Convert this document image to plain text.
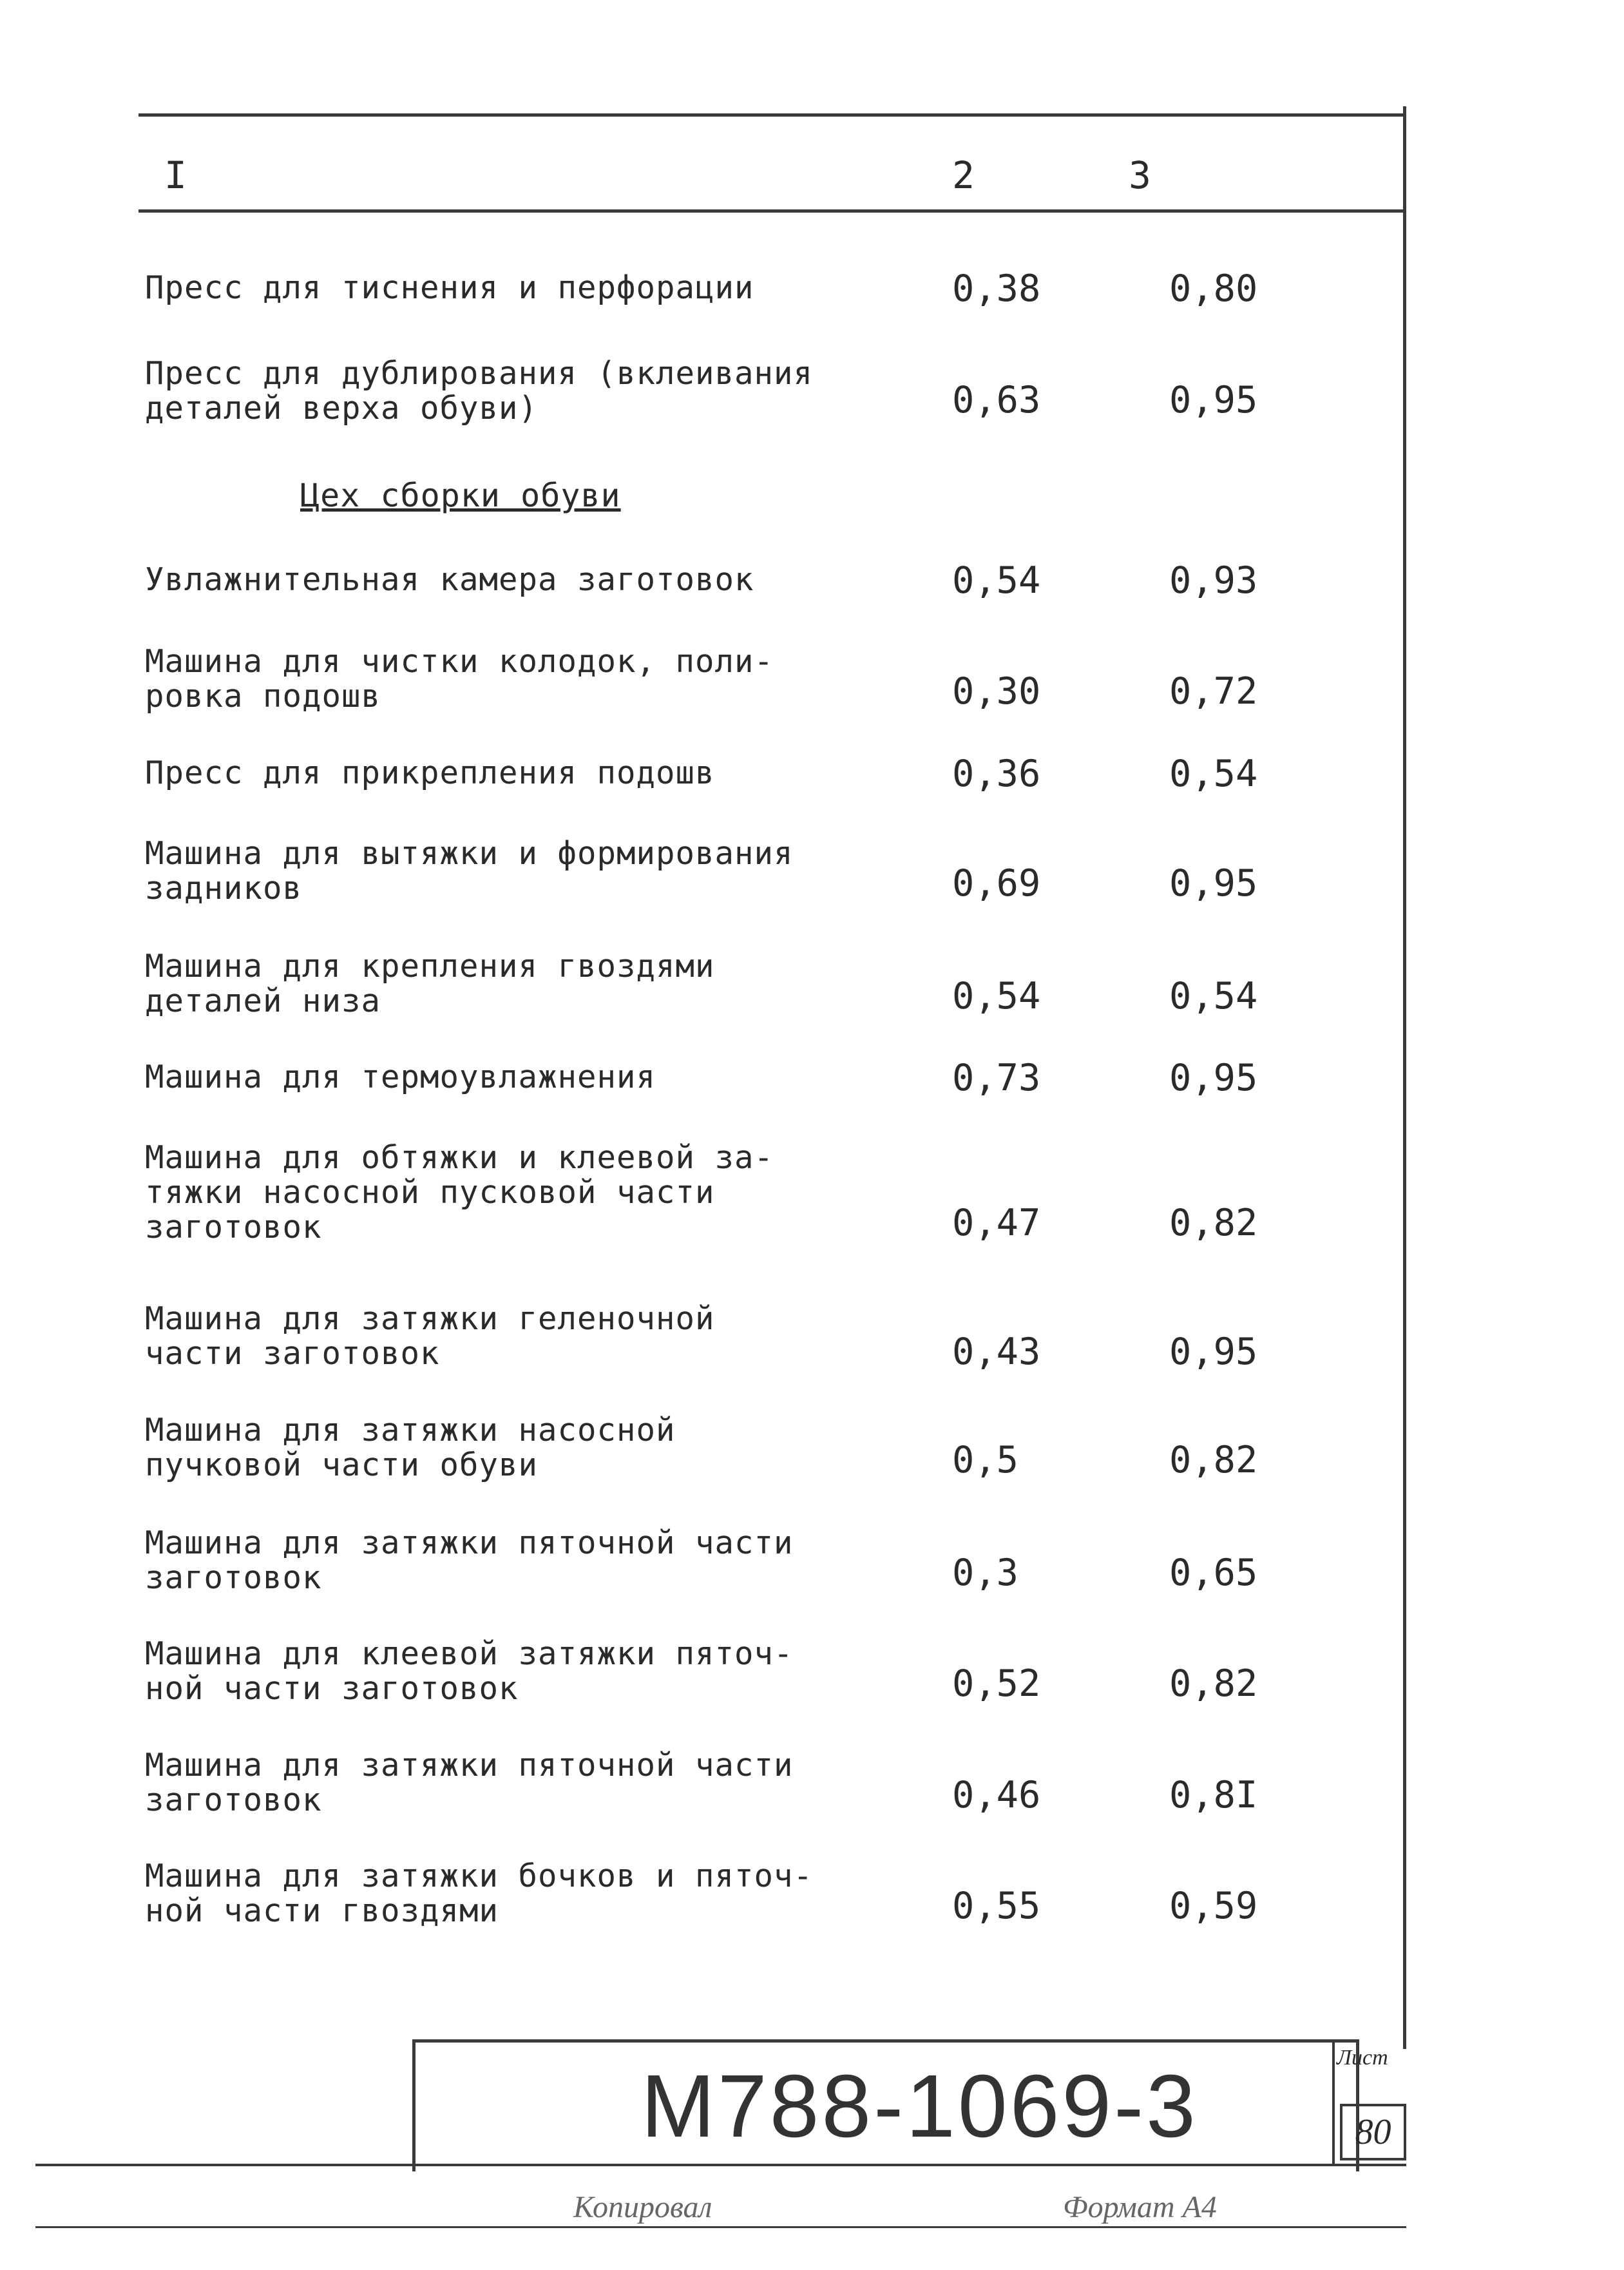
I	2	3
Цех сборки обуви
Пресс для тиснения и перфорации	0,38	0,80
Пресс для дублирования (вклеивания
деталей верха обуви)	0,63	0,95
Увлажнительная камера заготовок	0,54	0,93
Машина для чистки колодок, поли-
ровка подошв	0,30	0,72
Пресс для прикрепления подошв	0,36	0,54
Машина для вытяжки и формирования
задников	0,69	0,95
Машина для крепления гвоздями
деталей низа	0,54	0,54
Машина для термоувлажнения	0,73	0,95
Машина для обтяжки и клеевой за-
тяжки насосной пусковой части
заготовок	0,47	0,82
Машина для затяжки геленочной
части заготовок	0,43	0,95
Машина для затяжки насосной
пучковой части обуви	0,5	0,82
Машина для затяжки пяточной части
заготовок	0,3	0,65
Машина для клеевой затяжки пяточ-
ной части заготовок	0,52	0,82
Машина для затяжки пяточной части
заготовок	0,46	0,8I
Машина для затяжки бочков и пяточ-
ной части гвоздями	0,55	0,59
M788-1069-3	Лист
80
Копировал	Формат А4
